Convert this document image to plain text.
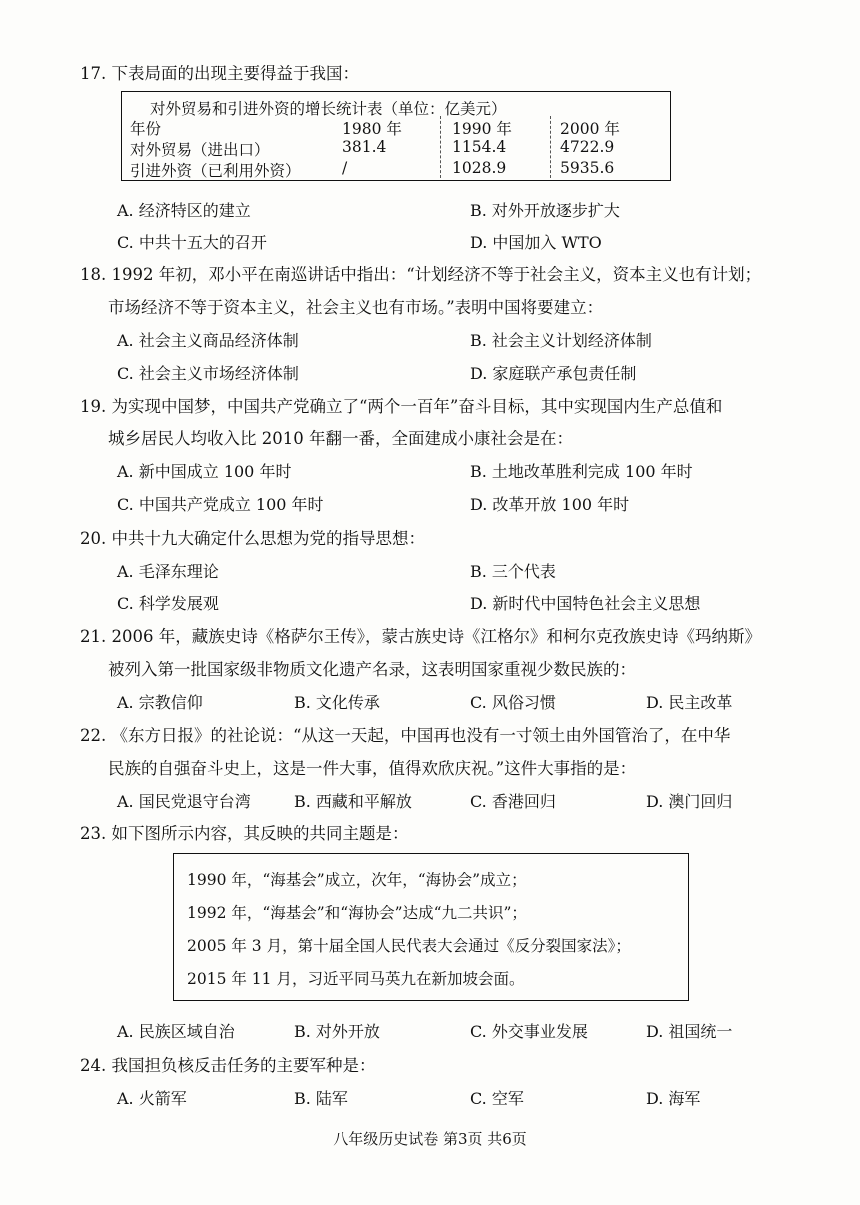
17. 下表局面的出现主要得益于我国：
对外贸易和引进外资的增长统计表（单位：亿美元）
年份	1980 年	1990 年	2000 年
对外贸易（进出口）	381.4	1154.4	4722.9
引进外资（已利用外资）	/	1028.9	5935.6
A. 经济特区的建立	B. 对外开放逐步扩大
C. 中共十五大的召开	D. 中国加入 WTO
18. 1992 年初，邓小平在南巡讲话中指出：“计划经济不等于社会主义，资本主义也有计划；
市场经济不等于资本主义，社会主义也有市场。”表明中国将要建立：
A. 社会主义商品经济体制	B. 社会主义计划经济体制
C. 社会主义市场经济体制	D. 家庭联产承包责任制
19. 为实现中国梦，中国共产党确立了“两个一百年”奋斗目标，其中实现国内生产总值和
城乡居民人均收入比 2010 年翻一番，全面建成小康社会是在：
A. 新中国成立 100 年时	B. 土地改革胜利完成 100 年时
C. 中国共产党成立 100 年时	D. 改革开放 100 年时
20. 中共十九大确定什么思想为党的指导思想：
A. 毛泽东理论	B. 三个代表
C. 科学发展观	D. 新时代中国特色社会主义思想
21. 2006 年，藏族史诗《格萨尔王传》，蒙古族史诗《江格尔》和柯尔克孜族史诗《玛纳斯》
被列入第一批国家级非物质文化遗产名录，这表明国家重视少数民族的：
A. 宗教信仰	B. 文化传承	C. 风俗习惯	D. 民主改革
22. 《东方日报》的社论说：“从这一天起，中国再也没有一寸领土由外国管治了，在中华
民族的自强奋斗史上，这是一件大事，值得欢欣庆祝。”这件大事指的是：
A. 国民党退守台湾	B. 西藏和平解放	C. 香港回归	D. 澳门回归
23. 如下图所示内容，其反映的共同主题是：
1990 年，“海基会”成立，次年，“海协会”成立；
1992 年，“海基会”和“海协会”达成“九二共识”；
2005 年 3 月，第十届全国人民代表大会通过《反分裂国家法》；
2015 年 11 月，习近平同马英九在新加坡会面。
A. 民族区域自治	B. 对外开放	C. 外交事业发展	D. 祖国统一
24. 我国担负核反击任务的主要军种是：
A. 火箭军	B. 陆军	C. 空军	D. 海军
八年级历史试卷 第3页 共6页
